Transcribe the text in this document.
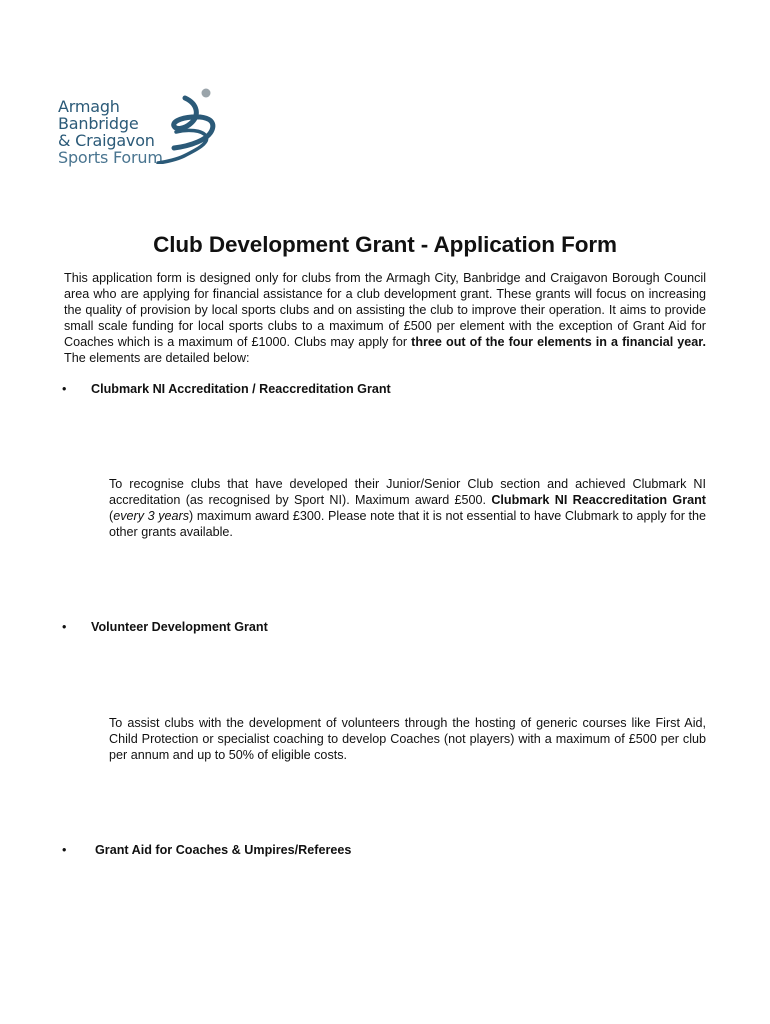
Armagh
Banbridge
& Craigavon
Sports Forum
Club Development Grant - Application Form
This application form is designed only for clubs from the Armagh City, Banbridge and Craigavon Borough Council area who are applying for financial assistance for a club development grant. These grants will focus on increasing the quality of provision by local sports clubs and on assisting the club to improve their operation. It aims to provide small scale funding for local sports clubs to a maximum of £500 per element with the exception of Grant Aid for Coaches which is a maximum of £1000. Clubs may apply for three out of the four elements in a financial year. The elements are detailed below:
• Clubmark NI Accreditation / Reaccreditation Grant
To recognise clubs that have developed their Junior/Senior Club section and achieved Clubmark NI accreditation (as recognised by Sport NI). Maximum award £500. Clubmark NI Reaccreditation Grant (every 3 years) maximum award £300. Please note that it is not essential to have Clubmark to apply for the other grants available.
• Volunteer Development Grant
To assist clubs with the development of volunteers through the hosting of generic courses like First Aid, Child Protection or specialist coaching to develop Coaches (not players) with a maximum of £500 per club per annum and up to 50% of eligible costs.
• Grant Aid for Coaches & Umpires/Referees
